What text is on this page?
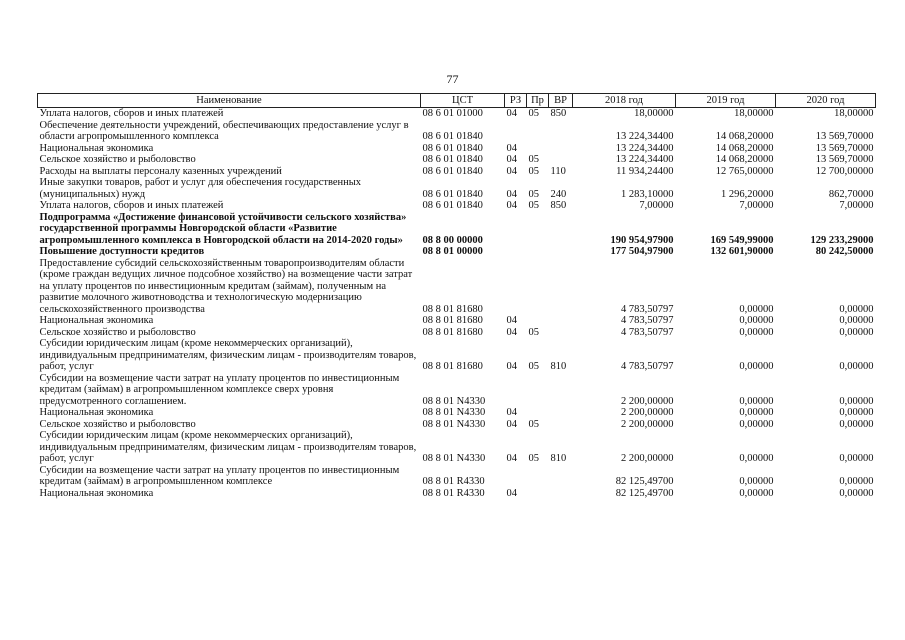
77
Наименование	ЦСТ	РЗ	Пр	ВР	2018 год	2019 год	2020 год
Уплата налогов, сборов и иных платежей	08 6 01 01000	04	05	850	18,00000	18,00000	18,00000
Обеспечение деятельности учреждений, обеспечивающих предоставление услуг в области агропромышленного комплекса	08 6 01 01840				13 224,34400	14 068,20000	13 569,70000
Национальная экономика	08 6 01 01840	04			13 224,34400	14 068,20000	13 569,70000
Сельское хозяйство и рыболовство	08 6 01 01840	04	05		13 224,34400	14 068,20000	13 569,70000
Расходы на выплаты персоналу казенных учреждений	08 6 01 01840	04	05	110	11 934,24400	12 765,00000	12 700,00000
Иные закупки товаров, работ и услуг для обеспечения государственных (муниципальных) нужд	08 6 01 01840	04	05	240	1 283,10000	1 296,20000	862,70000
Уплата налогов, сборов и иных платежей	08 6 01 01840	04	05	850	7,00000	7,00000	7,00000
Подпрограмма «Достижение финансовой устойчивости сельского хозяйства» государственной программы Новгородской области «Развитие агропромышленного комплекса в Новгородской области на 2014-2020 годы»	08 8 00 00000				190 954,97900	169 549,99000	129 233,29000
Повышение доступности кредитов	08 8 01 00000				177 504,97900	132 601,90000	80 242,50000
Предоставление субсидий сельскохозяйственным товаропроизводителям области (кроме граждан ведущих личное подсобное хозяйство) на возмещение части затрат на уплату процентов по инвестиционным кредитам (займам), полученным на развитие молочного животноводства и технологическую модернизацию сельскохозяйственного производства	08 8 01 81680				4 783,50797	0,00000	0,00000
Национальная экономика	08 8 01 81680	04			4 783,50797	0,00000	0,00000
Сельское хозяйство и рыболовство	08 8 01 81680	04	05		4 783,50797	0,00000	0,00000
Субсидии юридическим лицам (кроме некоммерческих организаций), индивидуальным предпринимателям, физическим лицам - производителям товаров, работ, услуг	08 8 01 81680	04	05	810	4 783,50797	0,00000	0,00000
Субсидии на возмещение части затрат на уплату процентов по инвестиционным кредитам (займам) в агропромышленном комплексе сверх уровня предусмотренного соглашением.	08 8 01 N4330				2 200,00000	0,00000	0,00000
Национальная экономика	08 8 01 N4330	04			2 200,00000	0,00000	0,00000
Сельское хозяйство и рыболовство	08 8 01 N4330	04	05		2 200,00000	0,00000	0,00000
Субсидии юридическим лицам (кроме некоммерческих организаций), индивидуальным предпринимателям, физическим лицам - производителям товаров, работ, услуг	08 8 01 N4330	04	05	810	2 200,00000	0,00000	0,00000
Субсидии на возмещение части затрат на уплату процентов по инвестиционным кредитам (займам) в агропромышленном комплексе	08 8 01 R4330				82 125,49700	0,00000	0,00000
Национальная экономика	08 8 01 R4330	04			82 125,49700	0,00000	0,00000
